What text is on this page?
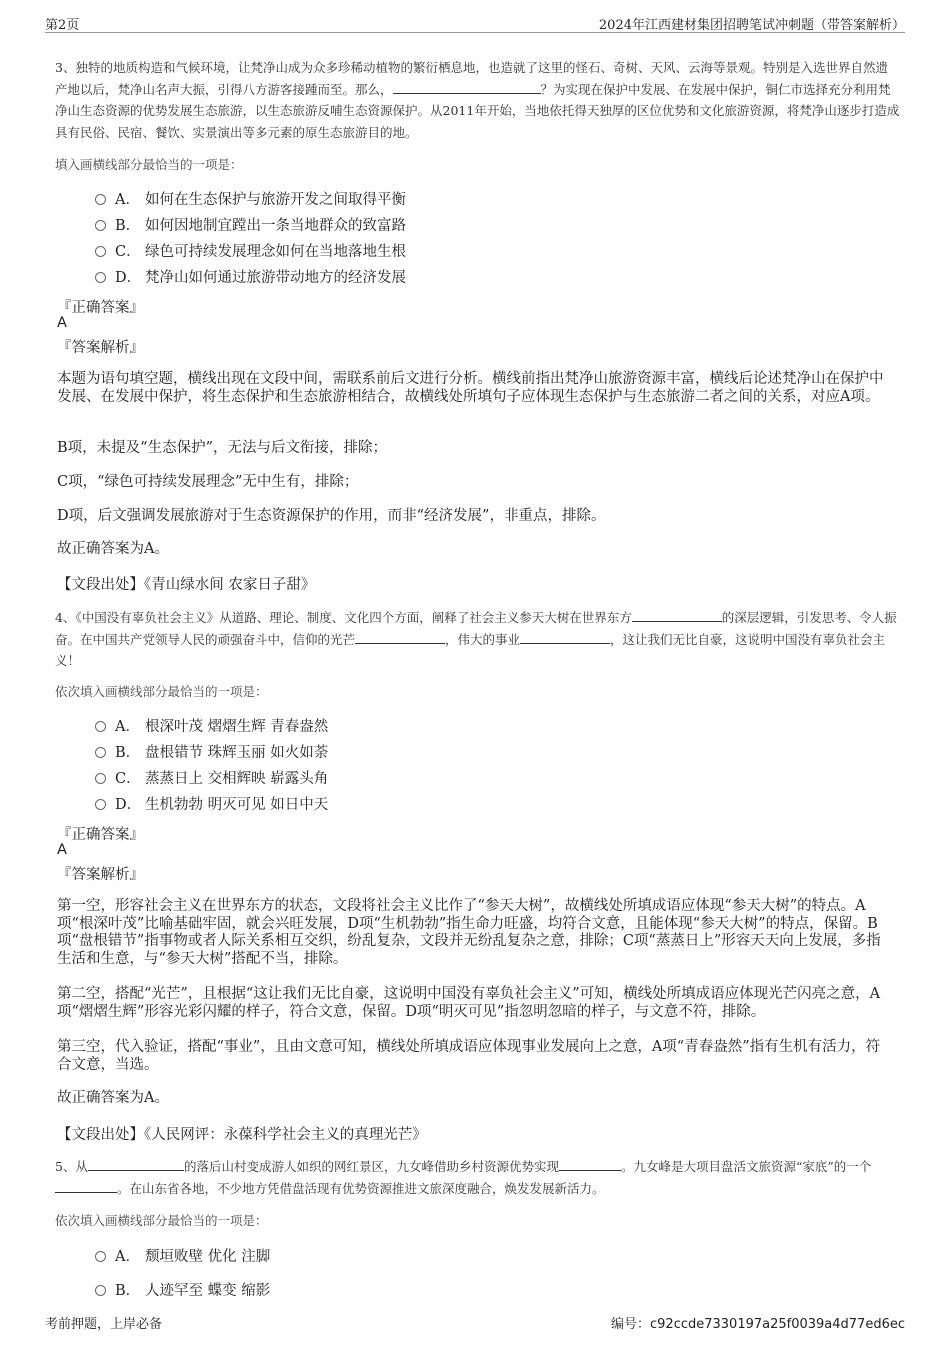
第2页	2024年江西建材集团招聘笔试冲刺题（带答案解析）
3、独特的地质构造和气候环境，让梵净山成为众多珍稀动植物的繁衍栖息地，也造就了这里的怪石、奇树、天风、云海等景观。特别是入选世界自然遗产地以后，梵净山名声大振，引得八方游客接踵而至。那么，	？为实现在保护中发展、在发展中保护，铜仁市选择充分利用梵净山生态资源的优势发展生态旅游，以生态旅游反哺生态资源保护。从2011年开始，当地依托得天独厚的区位优势和文化旅游资源，将梵净山逐步打造成具有民俗、民宿、餐饮、实景演出等多元素的原生态旅游目的地。
填入画横线部分最恰当的一项是：
A． 如何在生态保护与旅游开发之间取得平衡
B． 如何因地制宜蹚出一条当地群众的致富路
C． 绿色可持续发展理念如何在当地落地生根
D． 梵净山如何通过旅游带动地方的经济发展
『正确答案』
A
『答案解析』
本题为语句填空题，横线出现在文段中间，需联系前后文进行分析。横线前指出梵净山旅游资源丰富，横线后论述梵净山在保护中发展、在发展中保护，将生态保护和生态旅游相结合，故横线处所填句子应体现生态保护与生态旅游二者之间的关系，对应A项。
B项，未提及“生态保护”，无法与后文衔接，排除；
C项，“绿色可持续发展理念”无中生有，排除；
D项，后文强调发展旅游对于生态资源保护的作用，而非“经济发展”，非重点，排除。
故正确答案为A。
【文段出处】《青山绿水间 农家日子甜》
4、《中国没有辜负社会主义》从道路、理论、制度、文化四个方面，阐释了社会主义参天大树在世界东方	的深层逻辑，引发思考、令人振奋。在中国共产党领导人民的顽强奋斗中，信仰的光芒	，伟大的事业	，这让我们无比自豪，这说明中国没有辜负社会主义！
依次填入画横线部分最恰当的一项是：
A． 根深叶茂 熠熠生辉 青春盎然
B． 盘根错节 珠辉玉丽 如火如荼
C． 蒸蒸日上 交相辉映 崭露头角
D． 生机勃勃 明灭可见 如日中天
『正确答案』
A
『答案解析』
第一空，形容社会主义在世界东方的状态，文段将社会主义比作了“参天大树”，故横线处所填成语应体现“参天大树”的特点。A项“根深叶茂”比喻基础牢固，就会兴旺发展，D项“生机勃勃”指生命力旺盛，均符合文意，且能体现“参天大树”的特点，保留。B项“盘根错节”指事物或者人际关系相互交织，纷乱复杂，文段并无纷乱复杂之意，排除；C项“蒸蒸日上”形容天天向上发展，多指生活和生意，与“参天大树”搭配不当，排除。
第二空，搭配“光芒”，且根据“这让我们无比自豪，这说明中国没有辜负社会主义”可知，横线处所填成语应体现光芒闪亮之意，A项“熠熠生辉”形容光彩闪耀的样子，符合文意，保留。D项“明灭可见”指忽明忽暗的样子，与文意不符，排除。
第三空，代入验证，搭配“事业”，且由文意可知，横线处所填成语应体现事业发展向上之意，A项“青春盎然”指有生机有活力，符合文意，当选。
故正确答案为A。
【文段出处】《人民网评：永葆科学社会主义的真理光芒》
5、从	的落后山村变成游人如织的网红景区，九女峰借助乡村资源优势实现	。九女峰是大项目盘活文旅资源“家底”的一个。在山东省各地，不少地方凭借盘活现有优势资源推进文旅深度融合，焕发发展新活力。
依次填入画横线部分最恰当的一项是：
A． 颓垣败壁 优化 注脚
B． 人迹罕至 蝶变 缩影
考前押题，上岸必备	编号：c92ccde7330197a25f0039a4d77ed6ec
